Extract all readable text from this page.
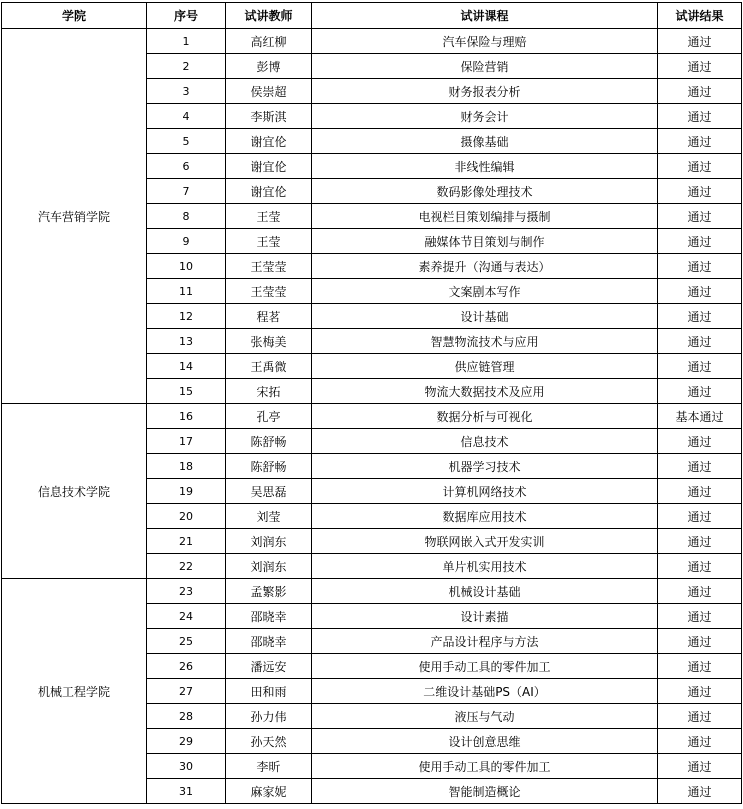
学院	序号	试讲教师	试讲课程	试讲结果
汽车营销学院	1	高红柳	汽车保险与理赔	通过
	2	彭博	保险营销	通过
	3	侯崇超	财务报表分析	通过
	4	李斯淇	财务会计	通过
	5	谢宜伦	摄像基础	通过
	6	谢宜伦	非线性编辑	通过
	7	谢宜伦	数码影像处理技术	通过
	8	王莹	电视栏目策划编排与摄制	通过
	9	王莹	融媒体节目策划与制作	通过
	10	王莹莹	素养提升（沟通与表达）	通过
	11	王莹莹	文案剧本写作	通过
	12	程茗	设计基础	通过
	13	张梅美	智慧物流技术与应用	通过
	14	王禹微	供应链管理	通过
	15	宋拓	物流大数据技术及应用	通过
信息技术学院	16	孔亭	数据分析与可视化	基本通过
	17	陈舒畅	信息技术	通过
	18	陈舒畅	机器学习技术	通过
	19	吴思磊	计算机网络技术	通过
	20	刘莹	数据库应用技术	通过
	21	刘润东	物联网嵌入式开发实训	通过
	22	刘润东	单片机实用技术	通过
机械工程学院	23	孟繁影	机械设计基础	通过
	24	邵晓幸	设计素描	通过
	25	邵晓幸	产品设计程序与方法	通过
	26	潘远安	使用手动工具的零件加工	通过
	27	田和雨	二维设计基础PS（AI）	通过
	28	孙力伟	液压与气动	通过
	29	孙天然	设计创意思维	通过
	30	李昕	使用手动工具的零件加工	通过
	31	麻家妮	智能制造概论	通过
